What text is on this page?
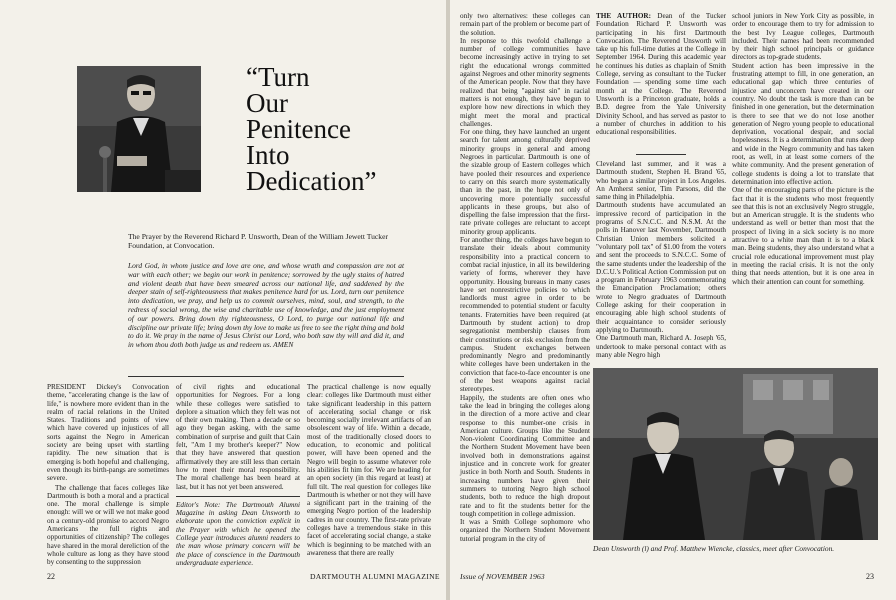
“Turn
Our
Penitence
Into
Dedication”
The Prayer by the Reverend Richard P. Unsworth, Dean of the William Jewett Tucker Foundation, at Convocation.
Lord God, in whom justice and love are one, and whose wrath and compassion are not at war with each other; we begin our work in penitence; sorrowed by the ugly stains of hatred and violent death that have been smeared across our national life, and saddened by the deeper stain of self-righteousness that makes penitence hard for us. Lord, turn our penitence into dedication, we pray, and help us to commit ourselves, mind, soul, and strength, to the redress of social wrong, the wise and charitable use of knowledge, and the just employment of our powers. Bring down thy righteousness, O Lord, to purge our national life and discipline our private life; bring down thy love to make us free to see the right thing and bold to do it. We pray in the name of Jesus Christ our Lord, who both saw thy will and did it, and in whom thou doth both judge us and redeem us. AMEN

PRESIDENT Dickey's Convocation theme, "accelerating change is the law of life," is nowhere more evident than in the realm of racial relations in the United States. Traditions and points of view which have covered up injustices of all sorts against the Negro in American society are being upset with startling rapidity. The new situation that is emerging is both hopeful and challenging, even though its birth-pangs are sometimes severe.

The challenge that faces colleges like Dartmouth is both a moral and a practical one. The moral challenge is simple enough: will we or will we not make good on a century-old promise to accord Negro Americans the full rights and opportunities of citizenship? The colleges have shared in the moral dereliction of the whole culture as long as they have stood by consenting to the suppression

of civil rights and educational opportunities for Negroes. For a long while these colleges were satisfied to deplore a situation which they felt was not of their own making. Then a decade or so ago they began asking, with the same combination of surprise and guilt that Cain felt, "Am I my brother's keeper?" Now that they have answered that question affirmatively they are still less than certain how to meet their moral responsibility. The moral challenge has been heard at last, but it has not yet been answered.

Editor's Note: The Dartmouth Alumni Magazine in asking Dean Unsworth to elaborate upon the conviction explicit in the Prayer with which he opened the College year introduces alumni readers to the man whose primary concern will be the place of conscience in the Dartmouth undergraduate experience.

The practical challenge is now equally clear: colleges like Dartmouth must either take significant leadership in this pattern of accelerating social change or risk becoming socially irrelevant artifacts of an obsolescent way of life. Within a decade, most of the traditionally closed doors to education, to economic and political power, will have been opened and the Negro will begin to assume whatever role his abilities fit him for. We are heading for an open society (in this regard at least) at full tilt. The real question for colleges like Dartmouth is whether or not they will have a significant part in the training of the emerging Negro portion of the leadership cadres in our country. The first-rate private colleges have a tremendous stake in this facet of accelerating social change, a stake which is beginning to be matched with an awareness that there are really

22	DARTMOUTH ALUMNI MAGAZINE

only two alternatives: these colleges can remain part of the problem or become part of the solution.
In response to this twofold challenge a number of college communities have become increasingly active in trying to set right the educational wrongs committed against Negroes and other minority segments of the American people. Now that they have realized that being "against sin" in racial matters is not enough, they have begun to explore how new directions in which they might meet the moral and practical challenges.
For one thing, they have launched an urgent search for talent among culturally deprived minority groups in general and among Negroes in particular. Dartmouth is one of the sizable group of Eastern colleges which have pooled their resources and experience to carry on this search more systematically than in the past, in the hope not only of uncovering more potentially successful applicants in these groups, but also of dispelling the false impression that the first-rate private colleges are reluctant to accept minority group applicants.
For another thing, the colleges have begun to translate their ideals about community responsibility into a practical concern to combat racial injustice, in all its bewildering variety of forms, wherever they have opportunity. Housing bureaus in many cases have set nonrestrictive policies to which landlords must agree in order to be recommended to potential student or faculty tenants. Fraternities have been required (at Dartmouth by student action) to drop segregationist membership clauses from their constitutions or risk exclusion from the campus. Student exchanges between predominantly Negro and predominantly white colleges have been undertaken in the conviction that face-to-face encounter is one of the best weapons against racial stereotypes.
Happily, the students are often ones who take the lead in bringing the colleges along in the direction of a more active and clear response to this number-one crisis in American culture. Groups like the Student Non-violent Coordinating Committee and the Northern Student Movement have been involved both in demonstrations against injustice and in concrete work for greater justice in both North and South. Students in increasing numbers have given their summers to tutoring Negro high school students, both to reduce the high dropout rate and to fit the students better for the tough competition in college admission.
It was a Smith College sophomore who organized the Northern Student Movement tutorial program in the city of

THE AUTHOR: Dean of the Tucker Foundation Richard P. Unsworth was participating in his first Dartmouth Convocation. The Reverend Unsworth will take up his full-time duties at the College in September 1964. During this academic year he continues his duties as chaplain of Smith College, serving as consultant to the Tucker Foundation — spending some time each month at the College. The Reverend Unsworth is a Princeton graduate, holds a B.D. degree from the Yale University Divinity School, and has served as pastor to a number of churches in addition to his educational responsibilities.

Cleveland last summer, and it was a Dartmouth student, Stephen H. Brand '65, who began a similar project in Los Angeles. An Amherst senior, Tim Parsons, did the same thing in Philadelphia.
Dartmouth students have accumulated an impressive record of participation in the programs of S.N.C.C. and N.S.M. At the polls in Hanover last November, Dartmouth Christian Union members solicited a "voluntary poll tax" of $1.00 from the voters and sent the proceeds to S.N.C.C. Some of the same students under the leadership of the D.C.U.'s Political Action Commission put on a program in February 1963 commemorating the Emancipation Proclamation; others wrote to Negro graduates of Dartmouth College asking for their cooperation in encouraging able high school students of their acquaintance to consider seriously applying to Dartmouth.
One Dartmouth man, Richard A. Joseph '65, undertook to make personal contact with as many able Negro high

school juniors in New York City as possible, in order to encourage them to try for admission to the best Ivy League colleges, Dartmouth included. Their names had been recommended by their high school principals or guidance directors as top-grade students.
Student action has been impressive in the frustrating attempt to fill, in one generation, an educational gap which three centuries of injustice and unconcern have created in our country. No doubt the task is more than can be finished in one generation, but the determination is there to see that we do not lose another generation of Negro young people to educational deprivation, vocational despair, and social hopelessness. It is a determination that runs deep and wide in the Negro community and has taken root, as well, in at least some corners of the white community. And the present generation of college students is doing a lot to translate that determination into effective action.
One of the encouraging parts of the picture is the fact that it is the students who most frequently see that this is not an exclusively Negro struggle, but an American struggle. It is the students who understand as well or better than most that the prospect of living in a sick society is no more attractive to a white man than it is to a black man. Being students, they also understand what a crucial role educational improvement must play in meeting the racial crisis. It is not the only thing that needs attention, but it is one area in which their attention can count for something.

Dean Unsworth (l) and Prof. Matthew Wiencke, classics, meet after Convocation.
Issue of NOVEMBER 1963	23
